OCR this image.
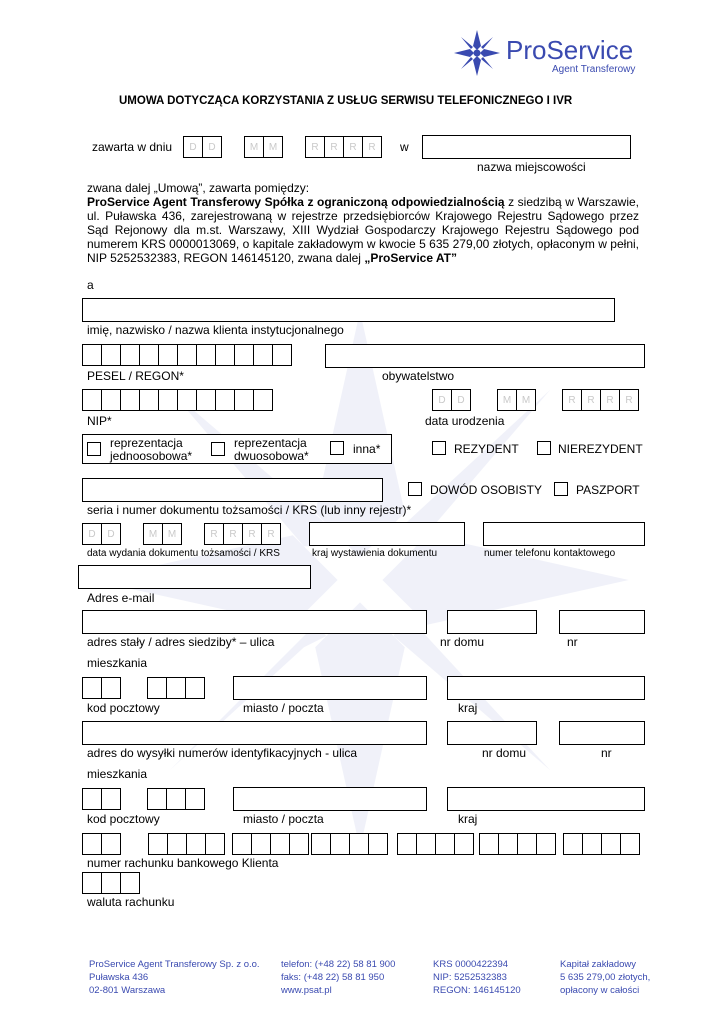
ProService
Agent Transferowy
UMOWA DOTYCZĄCA KORZYSTANIA Z USŁUG SERWISU TELEFONICZNEGO I IVR
zawarta w dniu	D	D	M	M	R	R	R	R	w
nazwa miejscowości
zwana dalej „Umową”, zawarta pomiędzy:
ProService Agent Transferowy Spółka z ograniczoną odpowiedzialnością z siedzibą w Warszawie, ul. Puławska 436, zarejestrowaną w rejestrze przedsiębiorców Krajowego Rejestru Sądowego przez Sąd Rejonowy dla m.st. Warszawy, XIII Wydział Gospodarczy Krajowego Rejestru Sądowego pod numerem KRS 0000013069, o kapitale zakładowym w kwocie 5 635 279,00 złotych, opłaconym w pełni, NIP 5252532383, REGON 146145120, zwana dalej „ProService AT”
a
imię, nazwisko / nazwa klienta instytucjonalnego
PESEL / REGON*	obywatelstwo
D	D	M	M	R	R	R	R
NIP*	data urodzenia
reprezentacja
jednoosobowa*
reprezentacja
dwuosobowa*	inna*	REZYDENT	NIEREZYDENT
DOWÓD OSOBISTY	PASZPORT
seria i numer dokumentu tożsamości / KRS (lub inny rejestr)*
D	D	M	M	R	R	R	R
data wydania dokumentu tożsamości / KRS	kraj wystawienia dokumentu	numer telefonu kontaktowego
Adres e-mail
adres stały / adres siedziby* – ulica	nr domu	nr
mieszkania
kod pocztowy	miasto / poczta	kraj
adres do wysyłki numerów identyfikacyjnych - ulica	nr domu	nr
mieszkania
kod pocztowy	miasto / poczta	kraj
numer rachunku bankowego Klienta
waluta rachunku
ProService Agent Transferowy Sp. z o.o.
Puławska 436
02-801 Warszawa
telefon: (+48 22) 58 81 900
faks: (+48 22) 58 81 950
www.psat.pl
KRS 0000422394
NIP: 5252532383
REGON: 146145120
Kapitał zakładowy
5 635 279,00 złotych,
opłacony w całości
